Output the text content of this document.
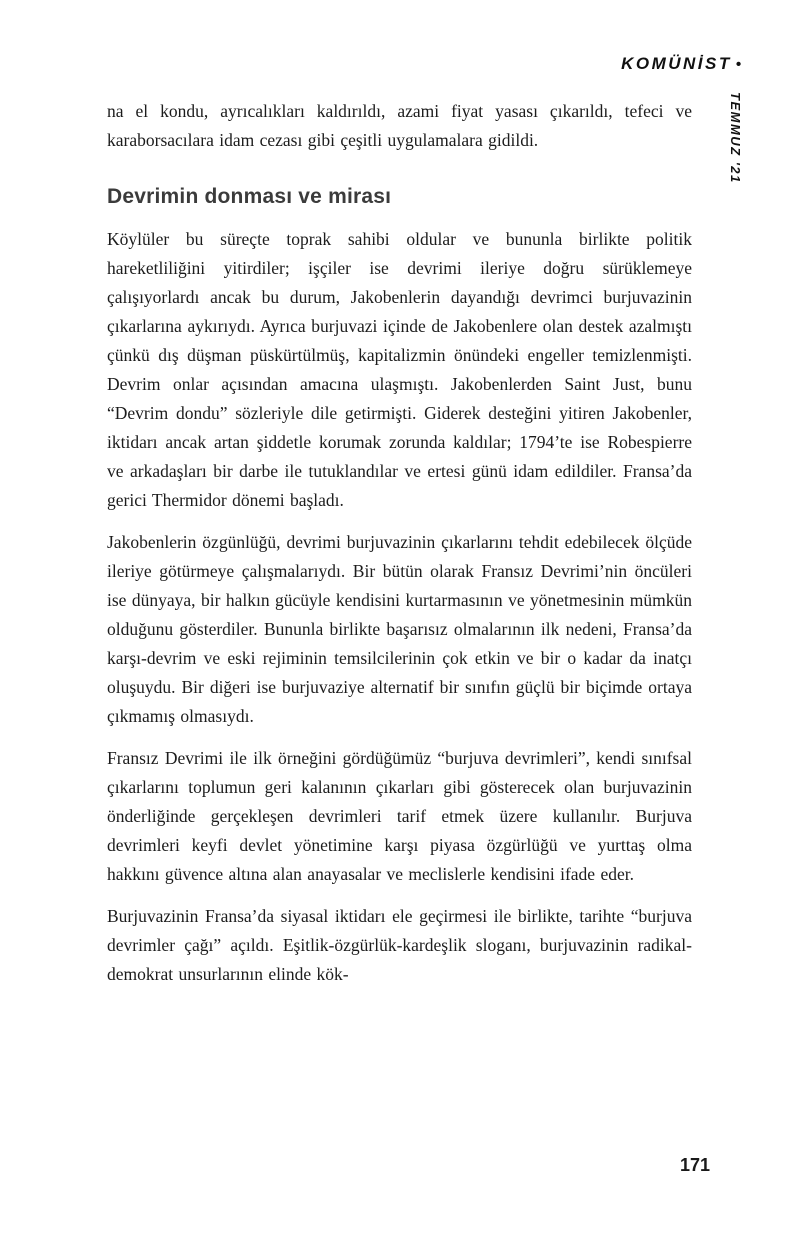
KOMÜNİST •
TEMMUZ '21

na el kondu, ayrıcalıkları kaldırıldı, azami fiyat yasası çıkarıldı, tefeci ve karaborsacılara idam cezası gibi çeşitli uygulamalara gidildi.

Devrimin donması ve mirası

Köylüler bu süreçte toprak sahibi oldular ve bununla birlikte politik hareketliliğini yitirdiler; işçiler ise devrimi ileriye doğru sürüklemeye çalışıyorlardı ancak bu durum, Jakobenlerin dayandığı devrimci burjuvazinin çıkarlarına aykırıydı. Ayrıca burjuvazi içinde de Jakobenlere olan destek azalmıştı çünkü dış düşman püskürtülmüş, kapitalizmin önündeki engeller temizlenmişti. Devrim onlar açısından amacına ulaşmıştı. Jakobenlerden Saint Just, bunu “Devrim dondu” sözleriyle dile getirmişti. Giderek desteğini yitiren Jakobenler, iktidarı ancak artan şiddetle korumak zorunda kaldılar; 1794’te ise Robespierre ve arkadaşları bir darbe ile tutuklandılar ve ertesi günü idam edildiler. Fransa’da gerici Thermidor dönemi başladı.

Jakobenlerin özgünlüğü, devrimi burjuvazinin çıkarlarını tehdit edebilecek ölçüde ileriye götürmeye çalışmalarıydı. Bir bütün olarak Fransız Devrimi’nin öncüleri ise dünyaya, bir halkın gücüyle kendisini kurtarmasının ve yönetmesinin mümkün olduğunu gösterdiler. Bununla birlikte başarısız olmalarının ilk nedeni, Fransa’da karşı-devrim ve eski rejiminin temsilcilerinin çok etkin ve bir o kadar da inatçı oluşuydu. Bir diğeri ise burjuvaziye alternatif bir sınıfın güçlü bir biçimde ortaya çıkmamış olmasıydı.

Fransız Devrimi ile ilk örneğini gördüğümüz “burjuva devrimleri”, kendi sınıfsal çıkarlarını toplumun geri kalanının çıkarları gibi gösterecek olan burjuvazinin önderliğinde gerçekleşen devrimleri tarif etmek üzere kullanılır. Burjuva devrimleri keyfi devlet yönetimine karşı piyasa özgürlüğü ve yurttaş olma hakkını güvence altına alan anayasalar ve meclislerle kendisini ifade eder.

Burjuvazinin Fransa’da siyasal iktidarı ele geçirmesi ile birlikte, tarihte “burjuva devrimler çağı” açıldı. Eşitlik-özgürlük-kardeşlik sloganı, burjuvazinin radikal-demokrat unsurlarının elinde kök-

171
